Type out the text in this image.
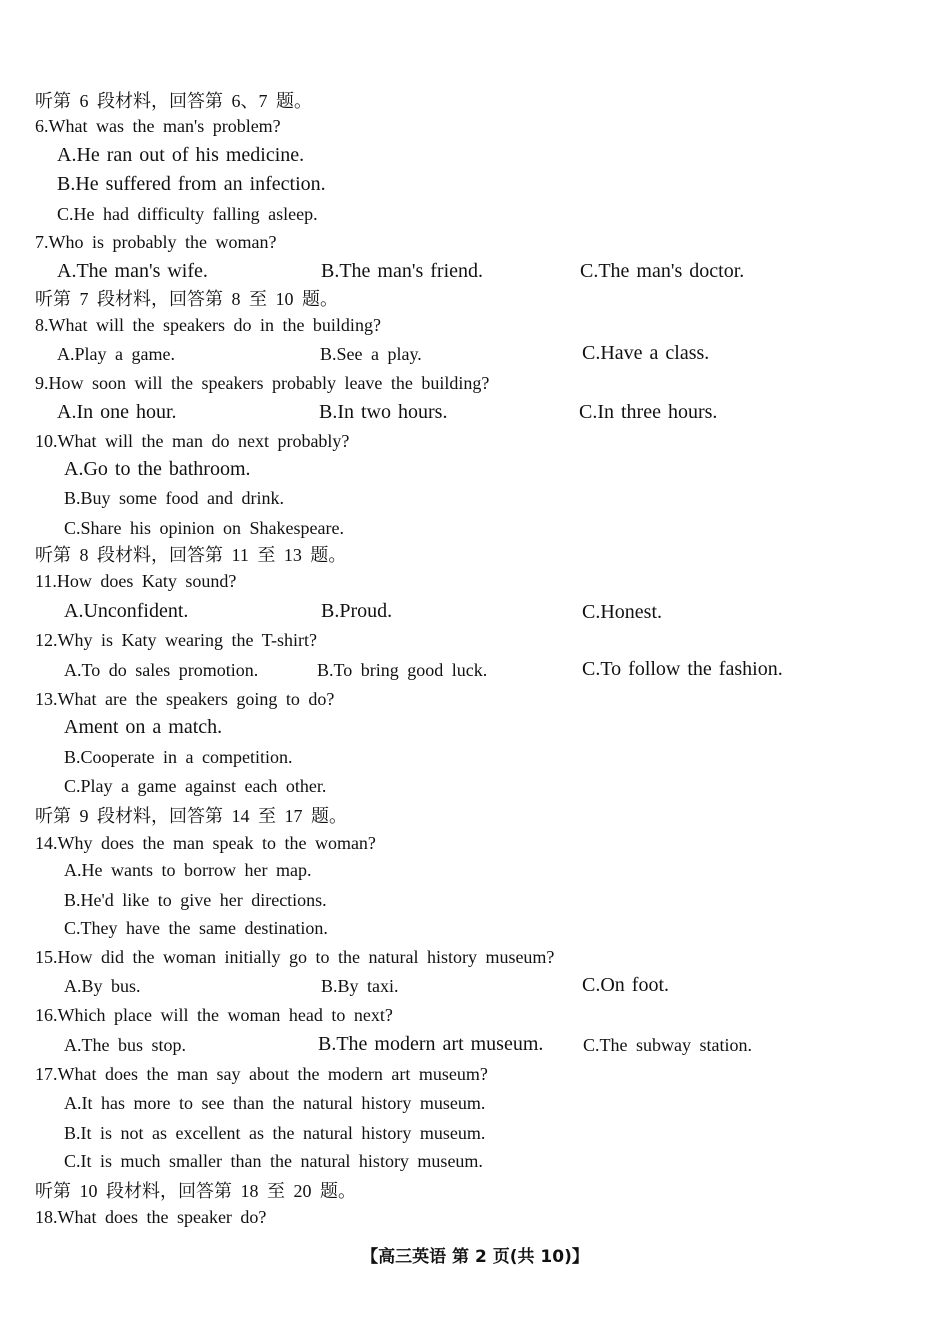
听第 6 段材料，回答第 6、7 题。
6.What was the man's problem?
A.He ran out of his medicine.
B.He suffered from an infection.
C.He had difficulty falling asleep.
7.Who is probably the woman?
A.The man's wife.	B.The man's friend.	C.The man's doctor.
听第 7 段材料，回答第 8 至 10 题。
8.What will the speakers do in the building?
A.Play a game.	B.See a play.	C.Have a class.
9.How soon will the speakers probably leave the building?
A.In one hour.	B.In two hours.	C.In three hours.
10.What will the man do next probably?
A.Go to the bathroom.
B.Buy some food and drink.
C.Share his opinion on Shakespeare.
听第 8 段材料，回答第 11 至 13 题。
11.How does Katy sound?
A.Unconfident.	B.Proud.	C.Honest.
12.Why is Katy wearing the T-shirt?
A.To do sales promotion.	B.To bring good luck.	C.To follow the fashion.
13.What are the speakers going to do?
Ament on a match.
B.Cooperate in a competition.
C.Play a game against each other.
听第 9 段材料，回答第 14 至 17 题。
14.Why does the man speak to the woman?
A.He wants to borrow her map.
B.He'd like to give her directions.
C.They have the same destination.
15.How did the woman initially go to the natural history museum?
A.By bus.	B.By taxi.	C.On foot.
16.Which place will the woman head to next?
A.The bus stop.	B.The modern art museum. C.The subway station.
17.What does the man say about the modern art museum?
A.It has more to see than the natural history museum.
B.It is not as excellent as the natural history museum.
C.It is much smaller than the natural history museum.
听第 10 段材料，回答第 18 至 20 题。
18.What does the speaker do?
【高三英语 第 2 页(共 10)】
